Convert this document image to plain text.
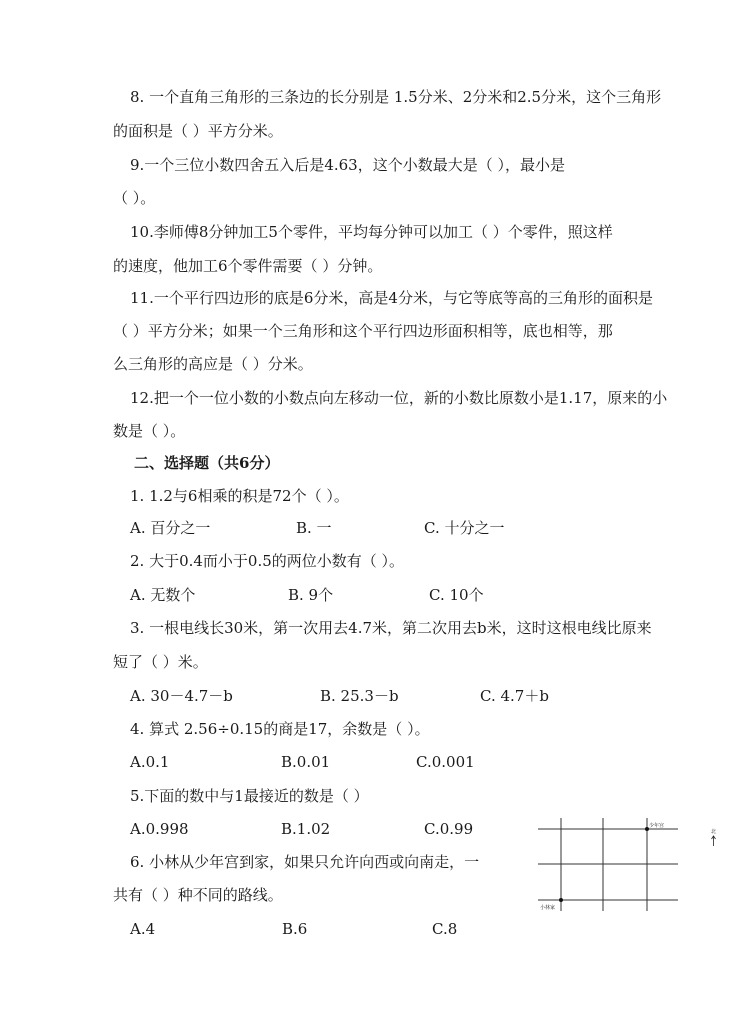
8. 一个直角三角形的三条边的长分别是 1.5分米、2分米和2.5分米，这个三角形
的面积是（ ）平方分米。
9.一个三位小数四舍五入后是4.63，这个小数最大是（ ），最小是
（ ）。
10.李师傅8分钟加工5个零件，平均每分钟可以加工（ ）个零件，照这样
的速度，他加工6个零件需要（ ）分钟。
11.一个平行四边形的底是6分米，高是4分米，与它等底等高的三角形的面积是
（ ）平方分米；如果一个三角形和这个平行四边形面积相等，底也相等，那
么三角形的高应是（ ）分米。
12.把一个一位小数的小数点向左移动一位，新的小数比原数小是1.17，原来的小
数是（ ）。
二、选择题（共6分）
1. 1.2与6相乘的积是72个（ ）。
A. 百分之一	B. 一	C. 十分之一
2. 大于0.4而小于0.5的两位小数有（ ）。
A. 无数个	B. 9个	C. 10个
3. 一根电线长30米，第一次用去4.7米，第二次用去b米，这时这根电线比原来
短了（ ）米。
A. 30－4.7－b	B. 25.3－b	C. 4.7＋b
4. 算式 2.56÷0.15的商是17，余数是（ ）。
A.0.1	B.0.01	C.0.001
5.下面的数中与1最接近的数是（ ）
A.0.998	B.1.02	C.0.99
6. 小林从少年宫到家，如果只允许向西或向南走，一
共有（ ）种不同的路线。
A.4	B.6	C.8
少年宫
小林家
北
